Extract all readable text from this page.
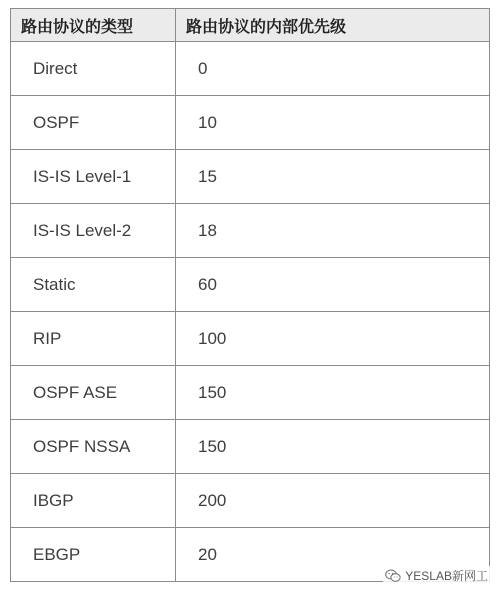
路由协议的类型	路由协议的内部优先级
Direct	0
OSPF	10
IS-IS Level-1	15
IS-IS Level-2	18
Static	60
RIP	100
OSPF ASE	150
OSPF NSSA	150
IBGP	200
EBGP	20
YESLAB新网工
